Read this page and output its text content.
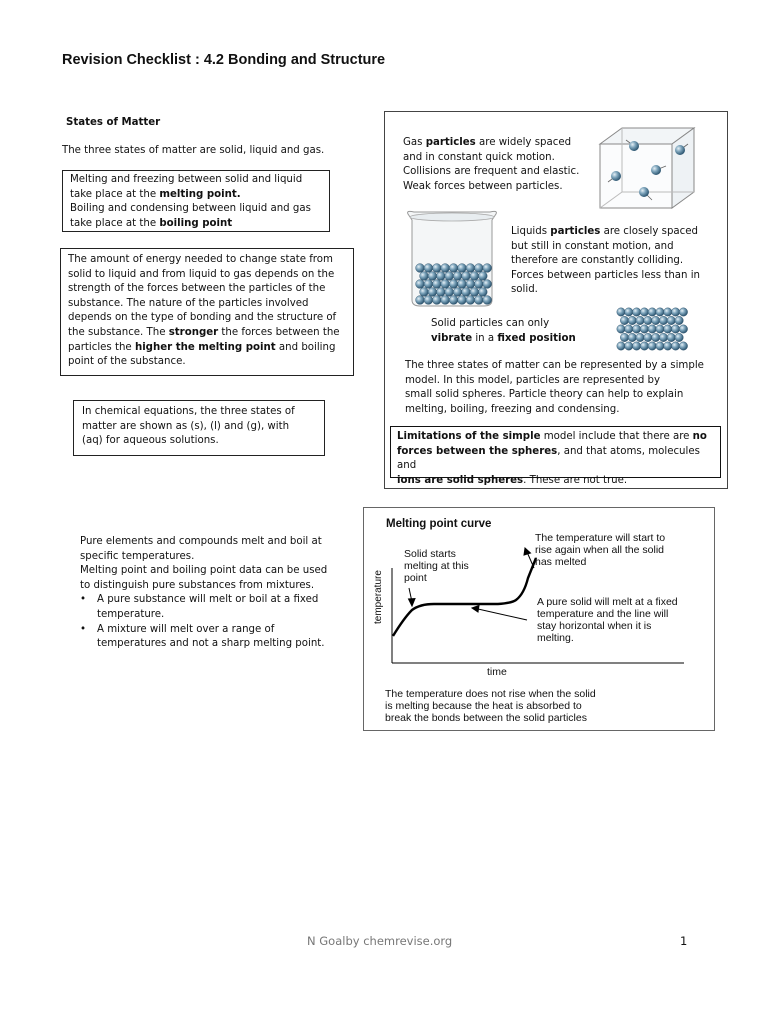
Revision Checklist : 4.2 Bonding and Structure
States of Matter
The three states of matter are solid, liquid and gas.
Melting and freezing between solid and liquid
take place at the melting point.
Boiling and condensing between liquid and gas
take place at the boiling point
The amount of energy needed to change state from
solid to liquid and from liquid to gas depends on the
strength of the forces between the particles of the
substance. The nature of the particles involved
depends on the type of bonding and the structure of
the substance. The stronger the forces between the
particles the higher the melting point and boiling
point of the substance.
In chemical equations, the three states of
matter are shown as (s), (l) and (g), with
(aq) for aqueous solutions.
Gas particles are widely spaced
and in constant quick motion.
Collisions are frequent and elastic.
Weak forces between particles.
Liquids particles are closely spaced
but still in constant motion, and
therefore are constantly colliding.
Forces between particles less than in
solid.
Solid particles can only
vibrate in a fixed position
The three states of matter can be represented by a simple
model. In this model, particles are represented by
small solid spheres. Particle theory can help to explain
melting, boiling, freezing and condensing.
Limitations of the simple model include that there are no
forces between the spheres, and that atoms, molecules and
ions are solid spheres. These are not true.
Pure elements and compounds melt and boil at
specific temperatures.
Melting point and boiling point data can be used
to distinguish pure substances from mixtures.
• A pure substance will melt or boil at a fixed
temperature.
• A mixture will melt over a range of
temperatures and not a sharp melting point.
Melting point curve
temperature
Solid starts
melting at this
point
The temperature will start to
rise again when all the solid
has melted
A pure solid will melt at a fixed
temperature and the line will
stay horizontal when it is
melting.
time
The temperature does not rise when the solid
is melting because the heat is absorbed to
break the bonds between the solid particles
N Goalby chemrevise.org	1
